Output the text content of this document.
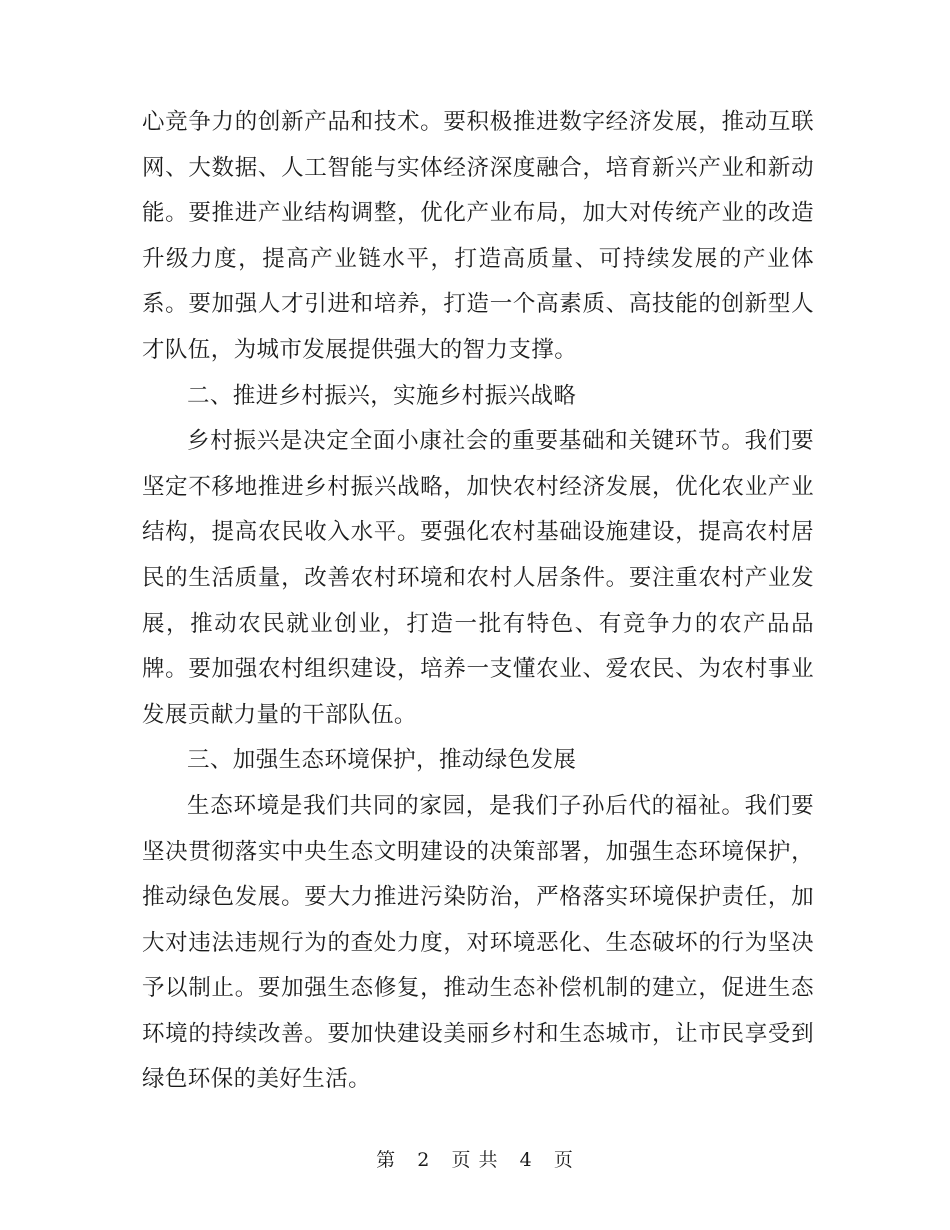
心竞争力的创新产品和技术。要积极推进数字经济发展，推动互联网、大数据、人工智能与实体经济深度融合，培育新兴产业和新动能。要推进产业结构调整，优化产业布局，加大对传统产业的改造升级力度，提高产业链水平，打造高质量、可持续发展的产业体系。要加强人才引进和培养，打造一个高素质、高技能的创新型人才队伍，为城市发展提供强大的智力支撑。

二、推进乡村振兴，实施乡村振兴战略

乡村振兴是决定全面小康社会的重要基础和关键环节。我们要坚定不移地推进乡村振兴战略，加快农村经济发展，优化农业产业结构，提高农民收入水平。要强化农村基础设施建设，提高农村居民的生活质量，改善农村环境和农村人居条件。要注重农村产业发展，推动农民就业创业，打造一批有特色、有竞争力的农产品品牌。要加强农村组织建设，培养一支懂农业、爱农民、为农村事业发展贡献力量的干部队伍。

三、加强生态环境保护，推动绿色发展

生态环境是我们共同的家园，是我们子孙后代的福祉。我们要坚决贯彻落实中央生态文明建设的决策部署，加强生态环境保护，推动绿色发展。要大力推进污染防治，严格落实环境保护责任，加大对违法违规行为的查处力度，对环境恶化、生态破坏的行为坚决予以制止。要加强生态修复，推动生态补偿机制的建立，促进生态环境的持续改善。要加快建设美丽乡村和生态城市，让市民享受到绿色环保的美好生活。

第 2 页 共 4 页
